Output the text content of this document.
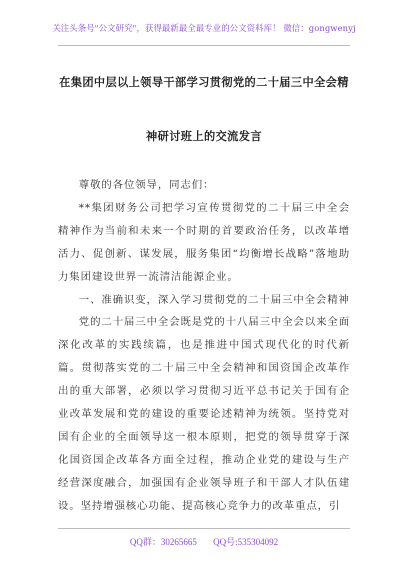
关注头条号"公文研究"，获得最新最全最专业的公文资料库！ 微信：gongwenyj
在集团中层以上领导干部学习贯彻党的二十届三中全会精
神研讨班上的交流发言

尊敬的各位领导，同志们：

**集团财务公司把学习宣传贯彻党的二十届三中全会精神作为当前和未来一个时期的首要政治任务，以改革增活力、促创新、谋发展，服务集团“均衡增长战略”落地助力集团建设世界一流清洁能源企业。

一、准确识变，深入学习贯彻党的二十届三中全会精神

党的二十届三中全会既是党的十八届三中全会以来全面深化改革的实践续篇，也是推进中国式现代化的时代新篇。贯彻落实党的二十届三中全会精神和国资国企改革作出的重大部署，必须以学习贯彻习近平总书记关于国有企业改革发展和党的建设的重要论述精神为统领。坚持党对国有企业的全面领导这一根本原则，把党的领导贯穿于深化国资国企改革各方面全过程，推动企业党的建设与生产经营深度融合，加强国有企业领导班子和干部人才队伍建设。坚持增强核心功能、提高核心竞争力的改革重点，引

QQ群：30265665 QQ号:535304092
